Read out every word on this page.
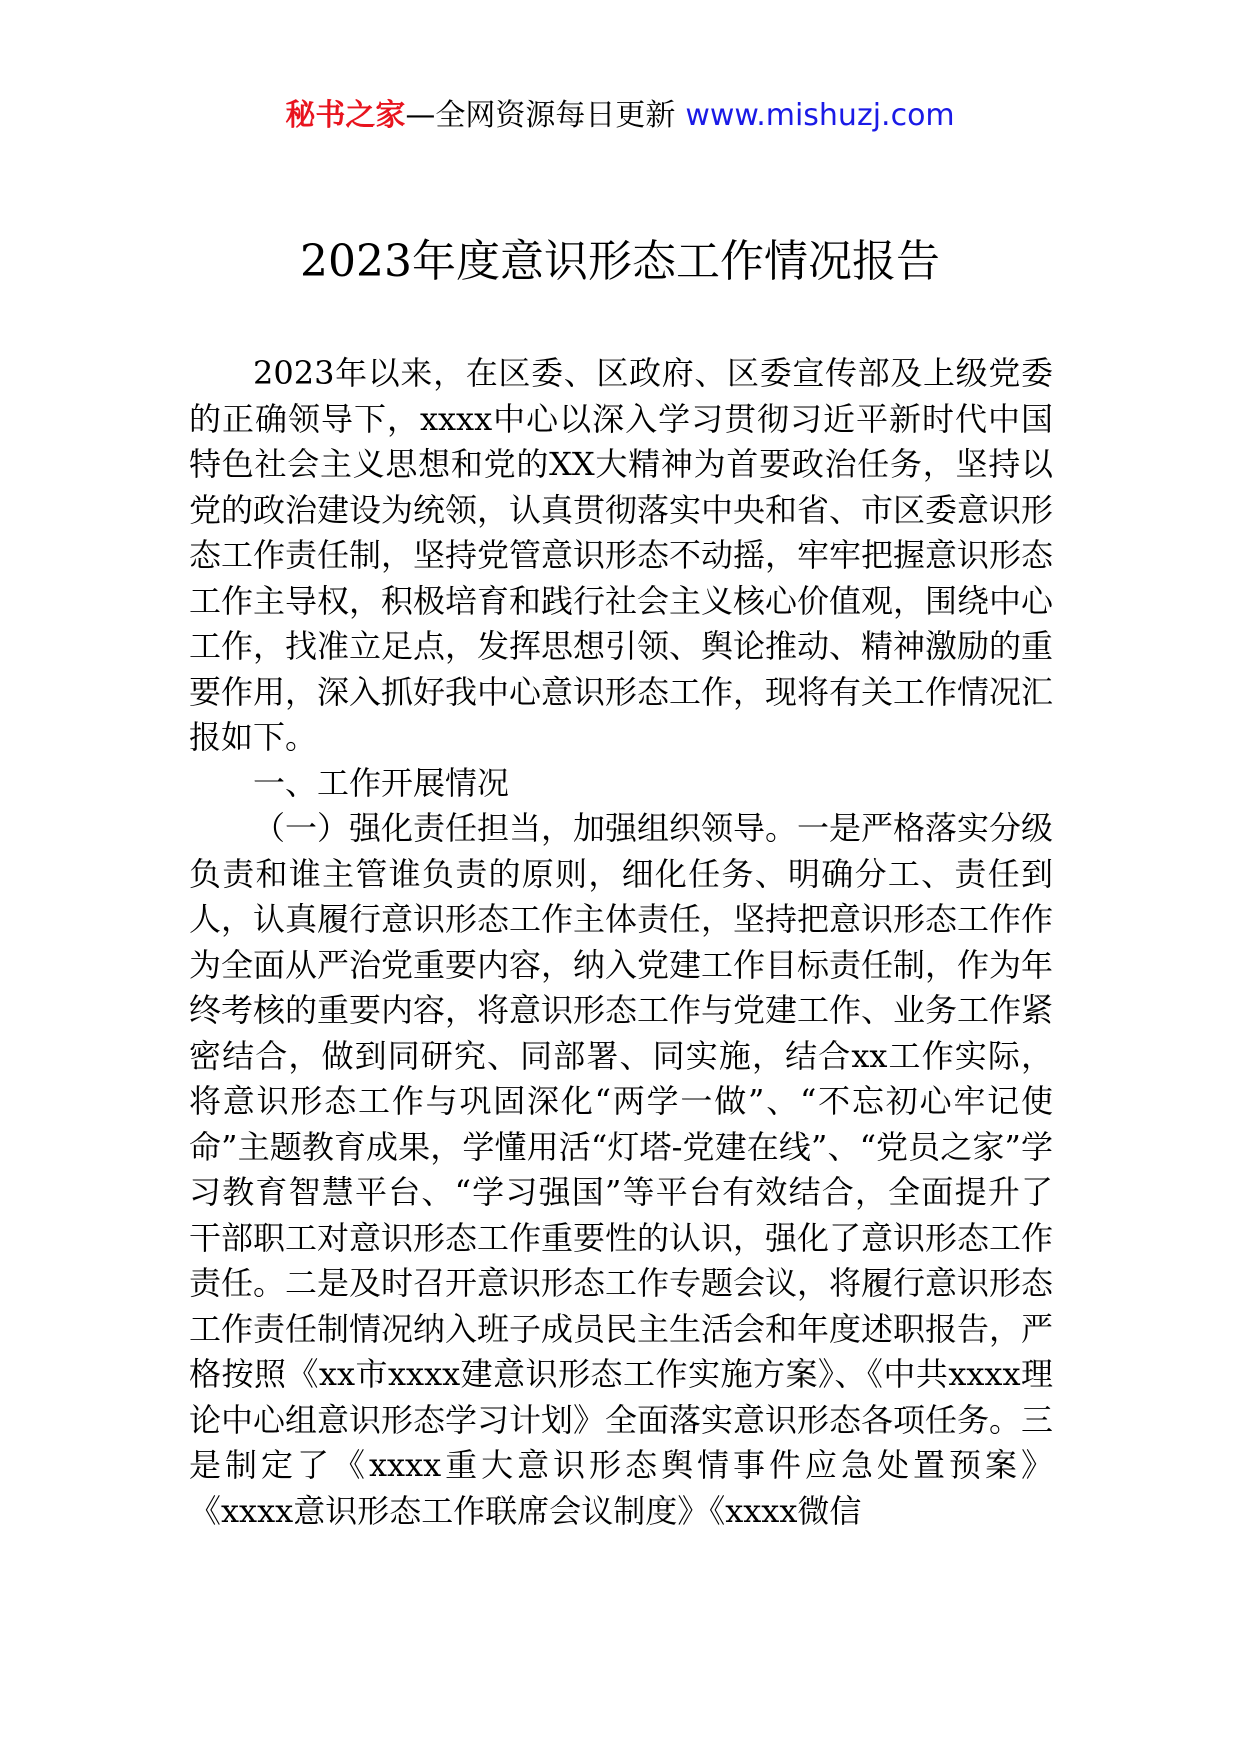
秘书之家—全网资源每日更新 www.mishuzj.com
2023年度意识形态工作情况报告

2023年以来，在区委、区政府、区委宣传部及上级党委的正确领导下，xxxx中心以深入学习贯彻习近平新时代中国特色社会主义思想和党的XX大精神为首要政治任务，坚持以党的政治建设为统领，认真贯彻落实中央和省、市区委意识形态工作责任制，坚持党管意识形态不动摇，牢牢把握意识形态工作主导权，积极培育和践行社会主义核心价值观，围绕中心工作，找准立足点，发挥思想引领、舆论推动、精神激励的重要作用，深入抓好我中心意识形态工作，现将有关工作情况汇报如下。

一、工作开展情况

（一）强化责任担当，加强组织领导。一是严格落实分级负责和谁主管谁负责的原则，细化任务、明确分工、责任到人，认真履行意识形态工作主体责任，坚持把意识形态工作作为全面从严治党重要内容，纳入党建工作目标责任制，作为年终考核的重要内容，将意识形态工作与党建工作、业务工作紧密结合，做到同研究、同部署、同实施，结合xx工作实际，将意识形态工作与巩固深化“两学一做”、“不忘初心牢记使命”主题教育成果，学懂用活“灯塔-党建在线”、“党员之家”学习教育智慧平台、“学习强国”等平台有效结合，全面提升了干部职工对意识形态工作重要性的认识，强化了意识形态工作责任。二是及时召开意识形态工作专题会议，将履行意识形态工作责任制情况纳入班子成员民主生活会和年度述职报告，严格按照《xx市xxxx建意识形态工作实施方案》、《中共xxxx理论中心组意识形态学习计划》全面落实意识形态各项任务。三是制定了《xxxx重大意识形态舆情事件应急处置预案》《xxxx意识形态工作联席会议制度》《xxxx微信
